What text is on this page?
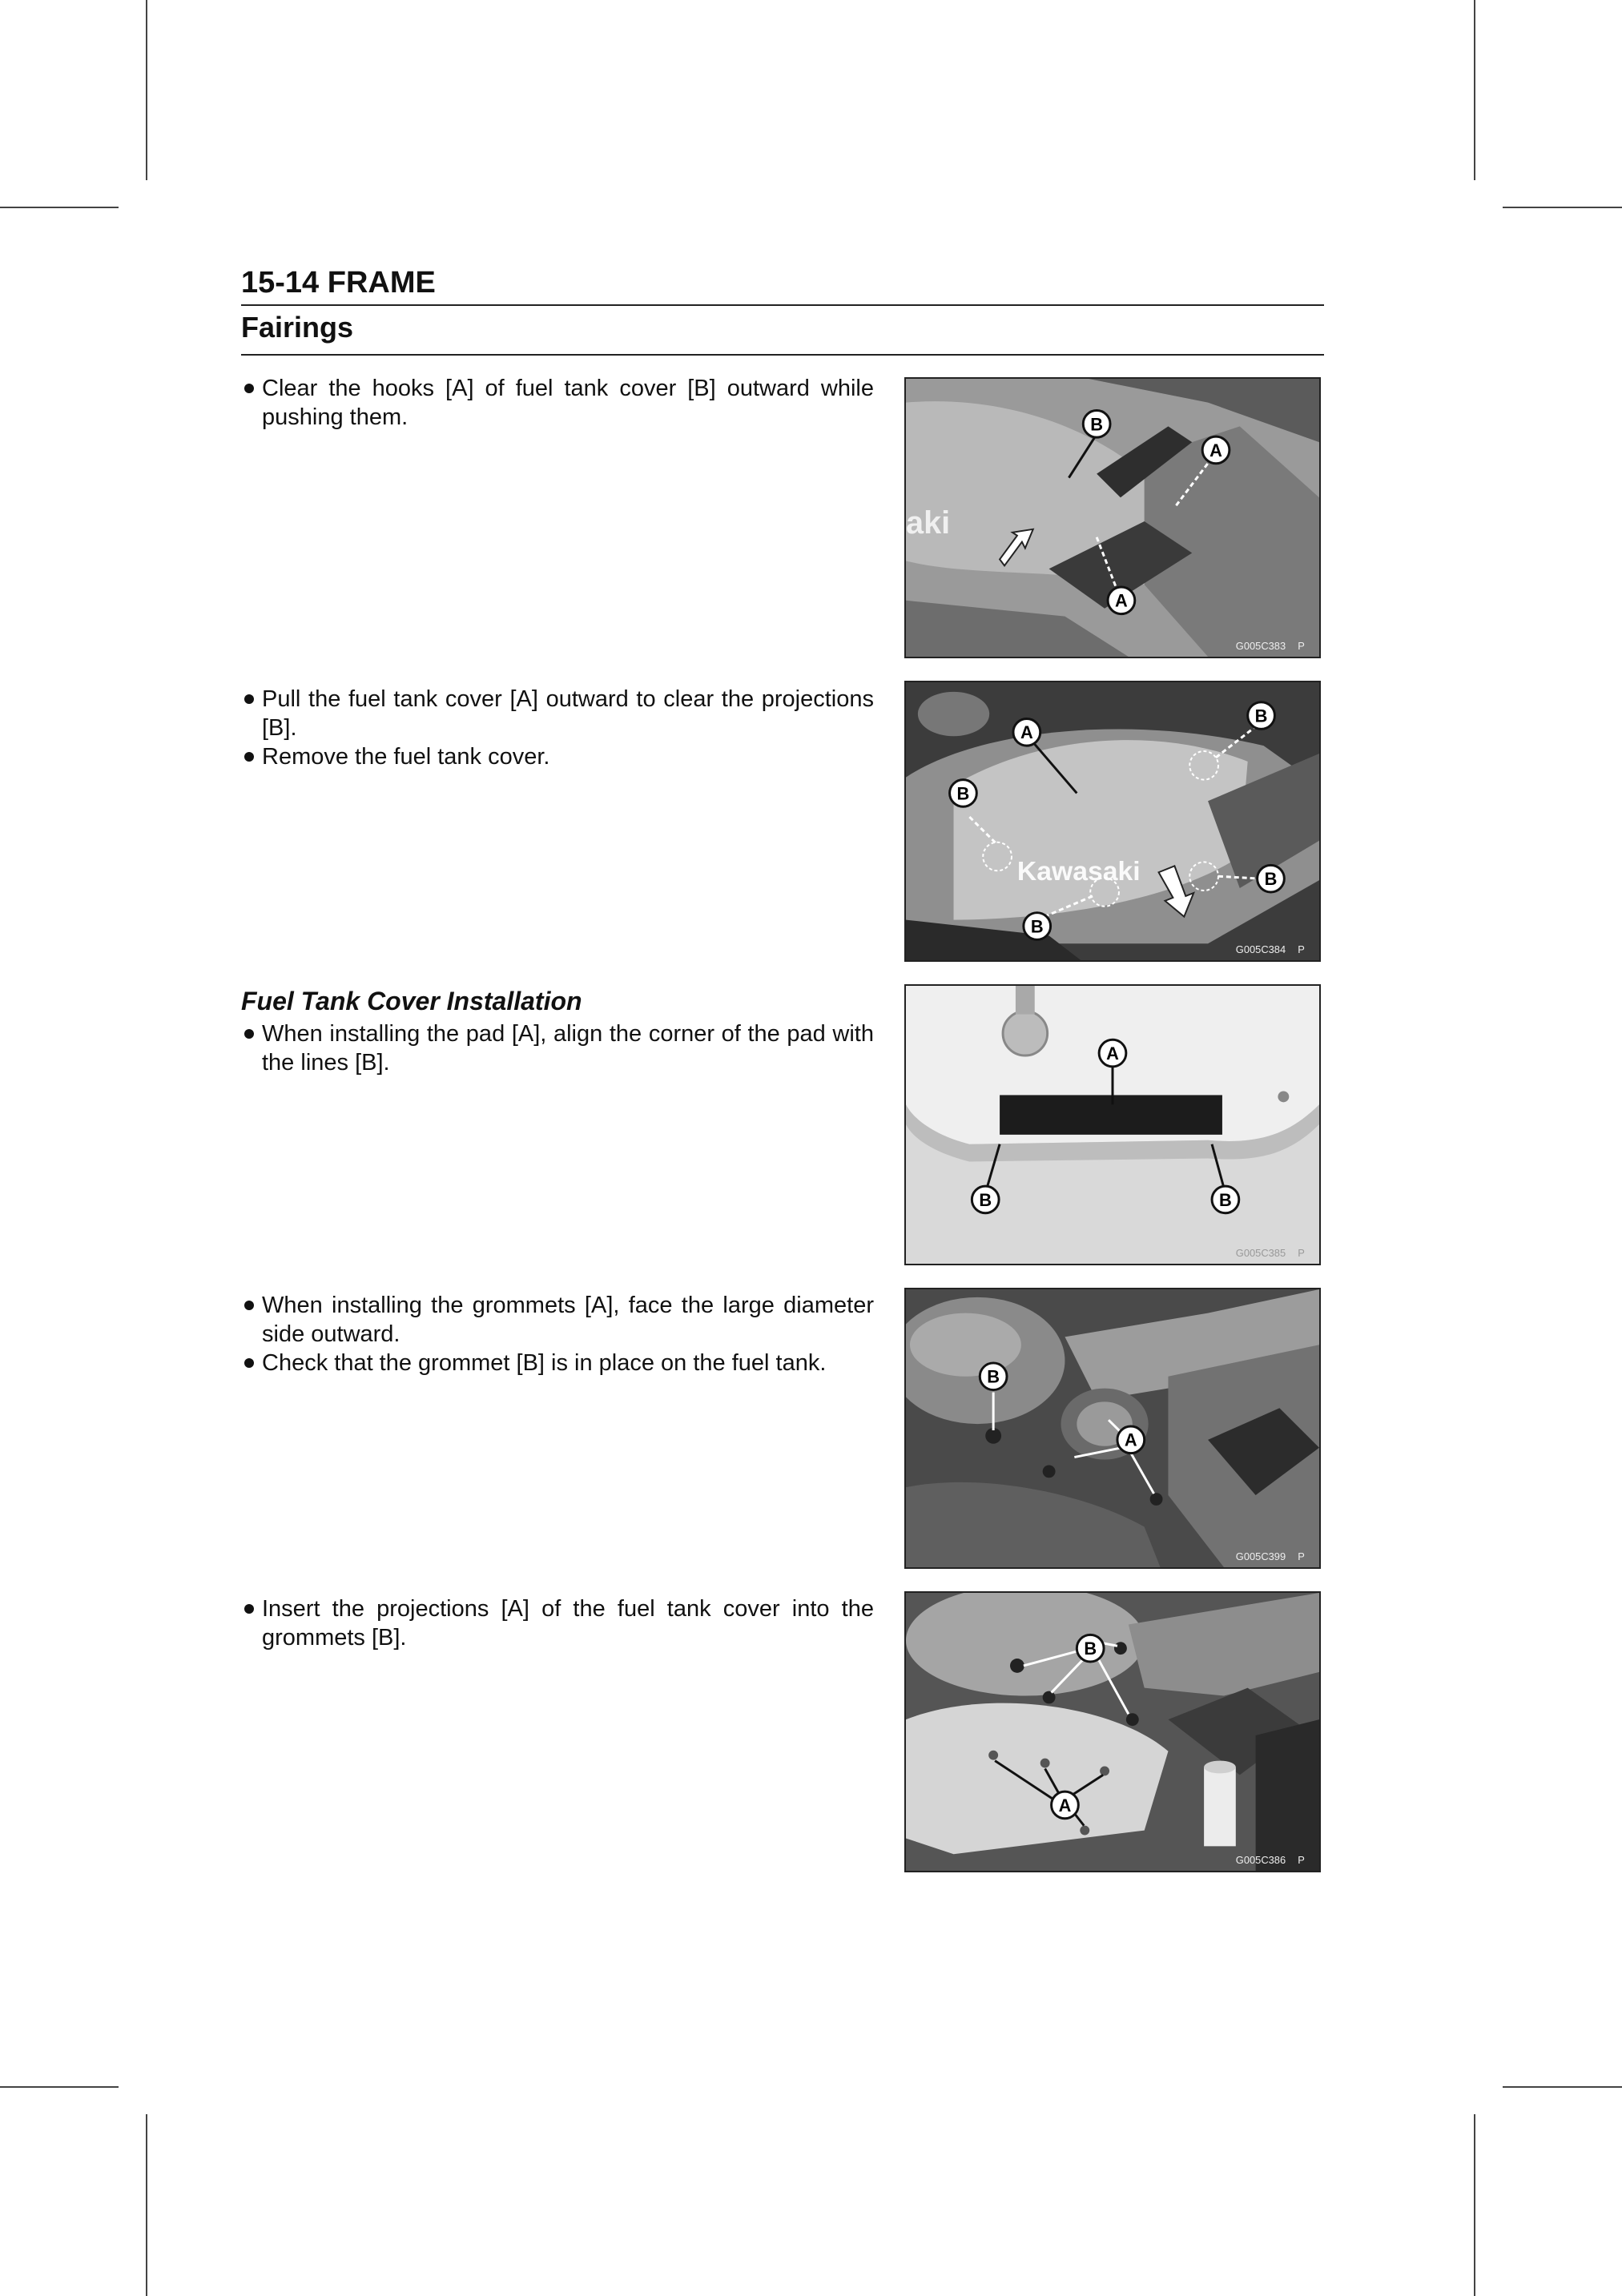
15-14 FRAME
Fairings

Clear the hooks [A] of fuel tank cover [B] outward while pushing them.

aki
B
A
A
G005C383 P

Pull the fuel tank cover [A] outward to clear the projections [B].

Remove the fuel tank cover.

Kawasaki
A
B
B
B
B
G005C384 P

Fuel Tank Cover Installation

When installing the pad [A], align the corner of the pad with the lines [B].	A
B	B
G005C385 P

When installing the grommets [A], face the large diameter side outward.

Check that the grommet [B] is in place on the fuel tank.

B
A
G005C399 P

Insert the projections [A] of the fuel tank cover into the grommets [B].	B
A
G005C386 P
